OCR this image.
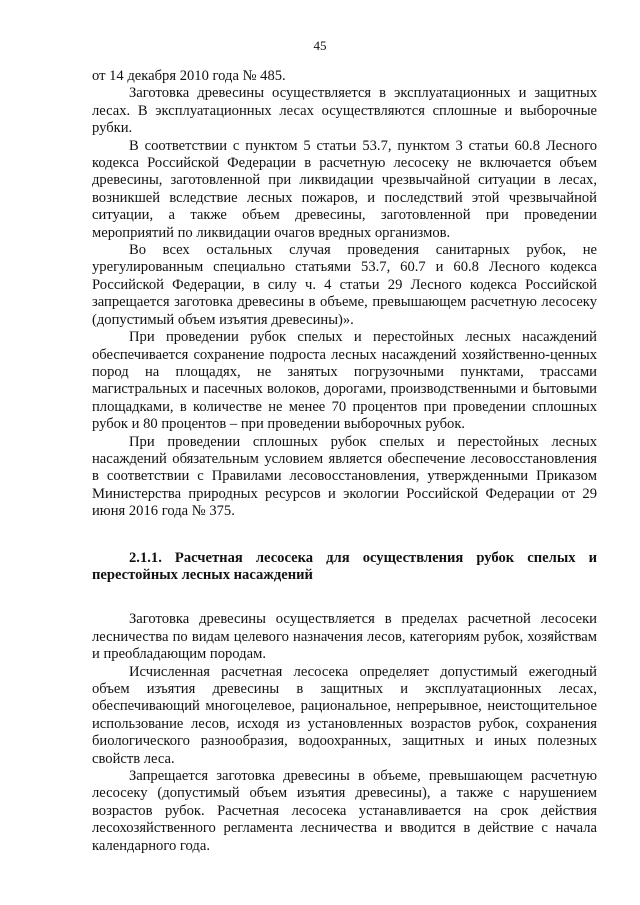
45

от 14 декабря 2010 года № 485.

Заготовка древесины осуществляется в эксплуатационных и защитных лесах. В эксплуатационных лесах осуществляются сплошные и выборочные рубки.

В соответствии с пунктом 5 статьи 53.7, пунктом 3 статьи 60.8 Лесного кодекса Российской Федерации в расчетную лесосеку не включается объем древесины, заготовленной при ликвидации чрезвычайной ситуации в лесах, возникшей вследствие лесных пожаров, и последствий этой чрезвычайной ситуации, а также объем древесины, заготовленной при проведении мероприятий по ликвидации очагов вредных организмов.

Во всех остальных случая проведения санитарных рубок, не урегулированным специально статьями 53.7, 60.7 и 60.8 Лесного кодекса Российской Федерации, в силу ч. 4 статьи 29 Лесного кодекса Российской запрещается заготовка древесины в объеме, превышающем расчетную лесосеку (допустимый объем изъятия древесины)».

При проведении рубок спелых и перестойных лесных насаждений обеспечивается сохранение подроста лесных насаждений хозяйственно-ценных пород на площадях, не занятых погрузочными пунктами, трассами магистральных и пасечных волоков, дорогами, производственными и бытовыми площадками, в количестве не менее 70 процентов при проведении сплошных рубок и 80 процентов – при проведении выборочных рубок.

При проведении сплошных рубок спелых и перестойных лесных насаждений обязательным условием является обеспечение лесовосстановления в соответствии с Правилами лесовосстановления, утвержденными Приказом Министерства природных ресурсов и экологии Российской Федерации от 29 июня 2016 года № 375.

2.1.1. Расчетная лесосека для осуществления рубок спелых и перестойных лесных насаждений

Заготовка древесины осуществляется в пределах расчетной лесосеки лесничества по видам целевого назначения лесов, категориям рубок, хозяйствам и преобладающим породам.

Исчисленная расчетная лесосека определяет допустимый ежегодный объем изъятия древесины в защитных и эксплуатационных лесах, обеспечивающий многоцелевое, рациональное, непрерывное, неистощительное использование лесов, исходя из установленных возрастов рубок, сохранения биологического разнообразия, водоохранных, защитных и иных полезных свойств леса.

Запрещается заготовка древесины в объеме, превышающем расчетную лесосеку (допустимый объем изъятия древесины), а также с нарушением возрастов рубок. Расчетная лесосека устанавливается на срок действия лесохозяйственного регламента лесничества и вводится в действие с начала календарного года.
